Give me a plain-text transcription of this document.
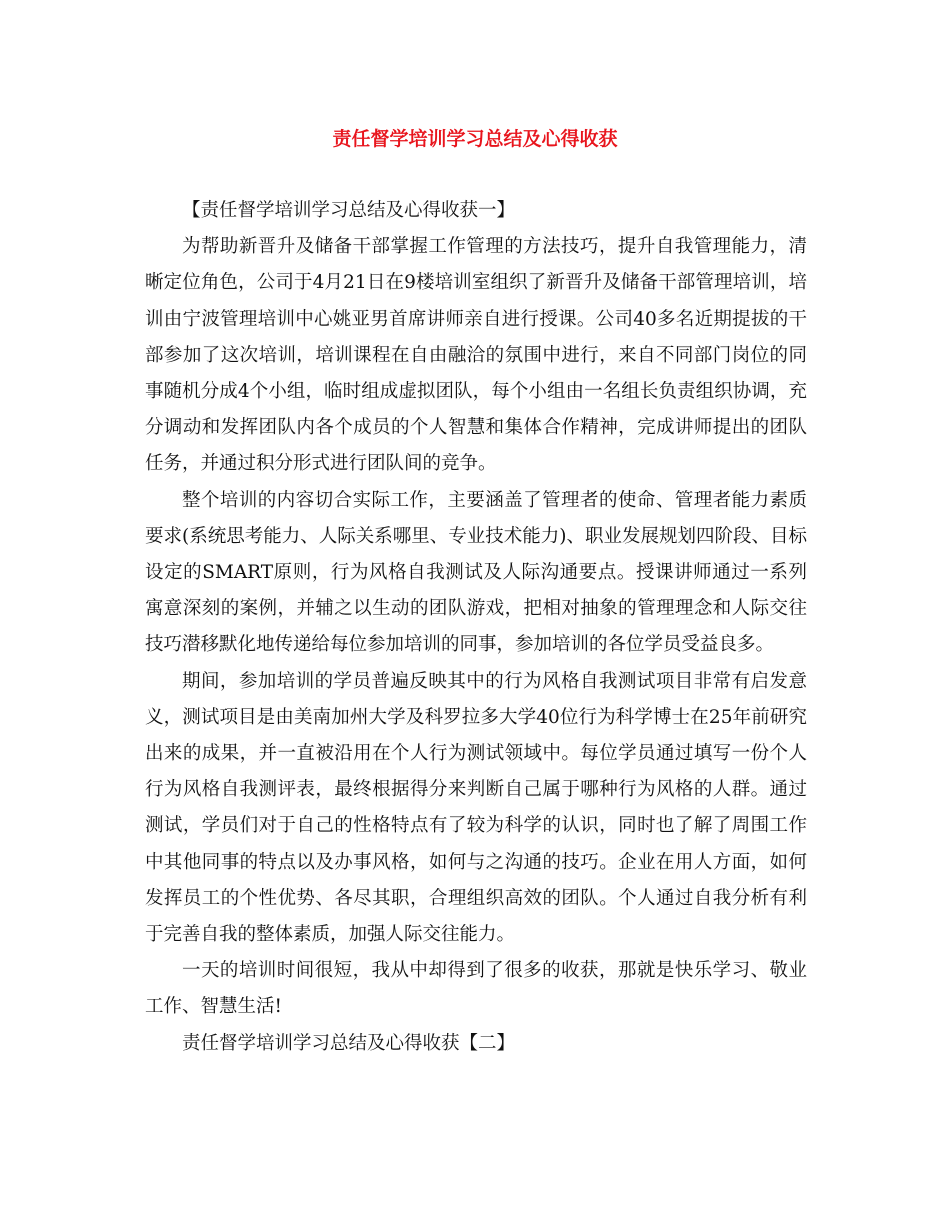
责任督学培训学习总结及心得收获

【责任督学培训学习总结及心得收获一】

为帮助新晋升及储备干部掌握工作管理的方法技巧，提升自我管理能力，清晰定位角色，公司于4月21日在9楼培训室组织了新晋升及储备干部管理培训，培训由宁波管理培训中心姚亚男首席讲师亲自进行授课。公司40多名近期提拔的干部参加了这次培训，培训课程在自由融洽的氛围中进行，来自不同部门岗位的同事随机分成4个小组，临时组成虚拟团队，每个小组由一名组长负责组织协调，充分调动和发挥团队内各个成员的个人智慧和集体合作精神，完成讲师提出的团队任务，并通过积分形式进行团队间的竞争。

整个培训的内容切合实际工作，主要涵盖了管理者的使命、管理者能力素质要求(系统思考能力、人际关系哪里、专业技术能力)、职业发展规划四阶段、目标设定的SMART原则，行为风格自我测试及人际沟通要点。授课讲师通过一系列寓意深刻的案例，并辅之以生动的团队游戏，把相对抽象的管理理念和人际交往技巧潜移默化地传递给每位参加培训的同事，参加培训的各位学员受益良多。

期间，参加培训的学员普遍反映其中的行为风格自我测试项目非常有启发意义，测试项目是由美南加州大学及科罗拉多大学40位行为科学博士在25年前研究出来的成果，并一直被沿用在个人行为测试领域中。每位学员通过填写一份个人行为风格自我测评表，最终根据得分来判断自己属于哪种行为风格的人群。通过测试，学员们对于自己的性格特点有了较为科学的认识，同时也了解了周围工作中其他同事的特点以及办事风格，如何与之沟通的技巧。企业在用人方面，如何发挥员工的个性优势、各尽其职，合理组织高效的团队。个人通过自我分析有利于完善自我的整体素质，加强人际交往能力。

一天的培训时间很短，我从中却得到了很多的收获，那就是快乐学习、敬业工作、智慧生活!

责任督学培训学习总结及心得收获【二】
